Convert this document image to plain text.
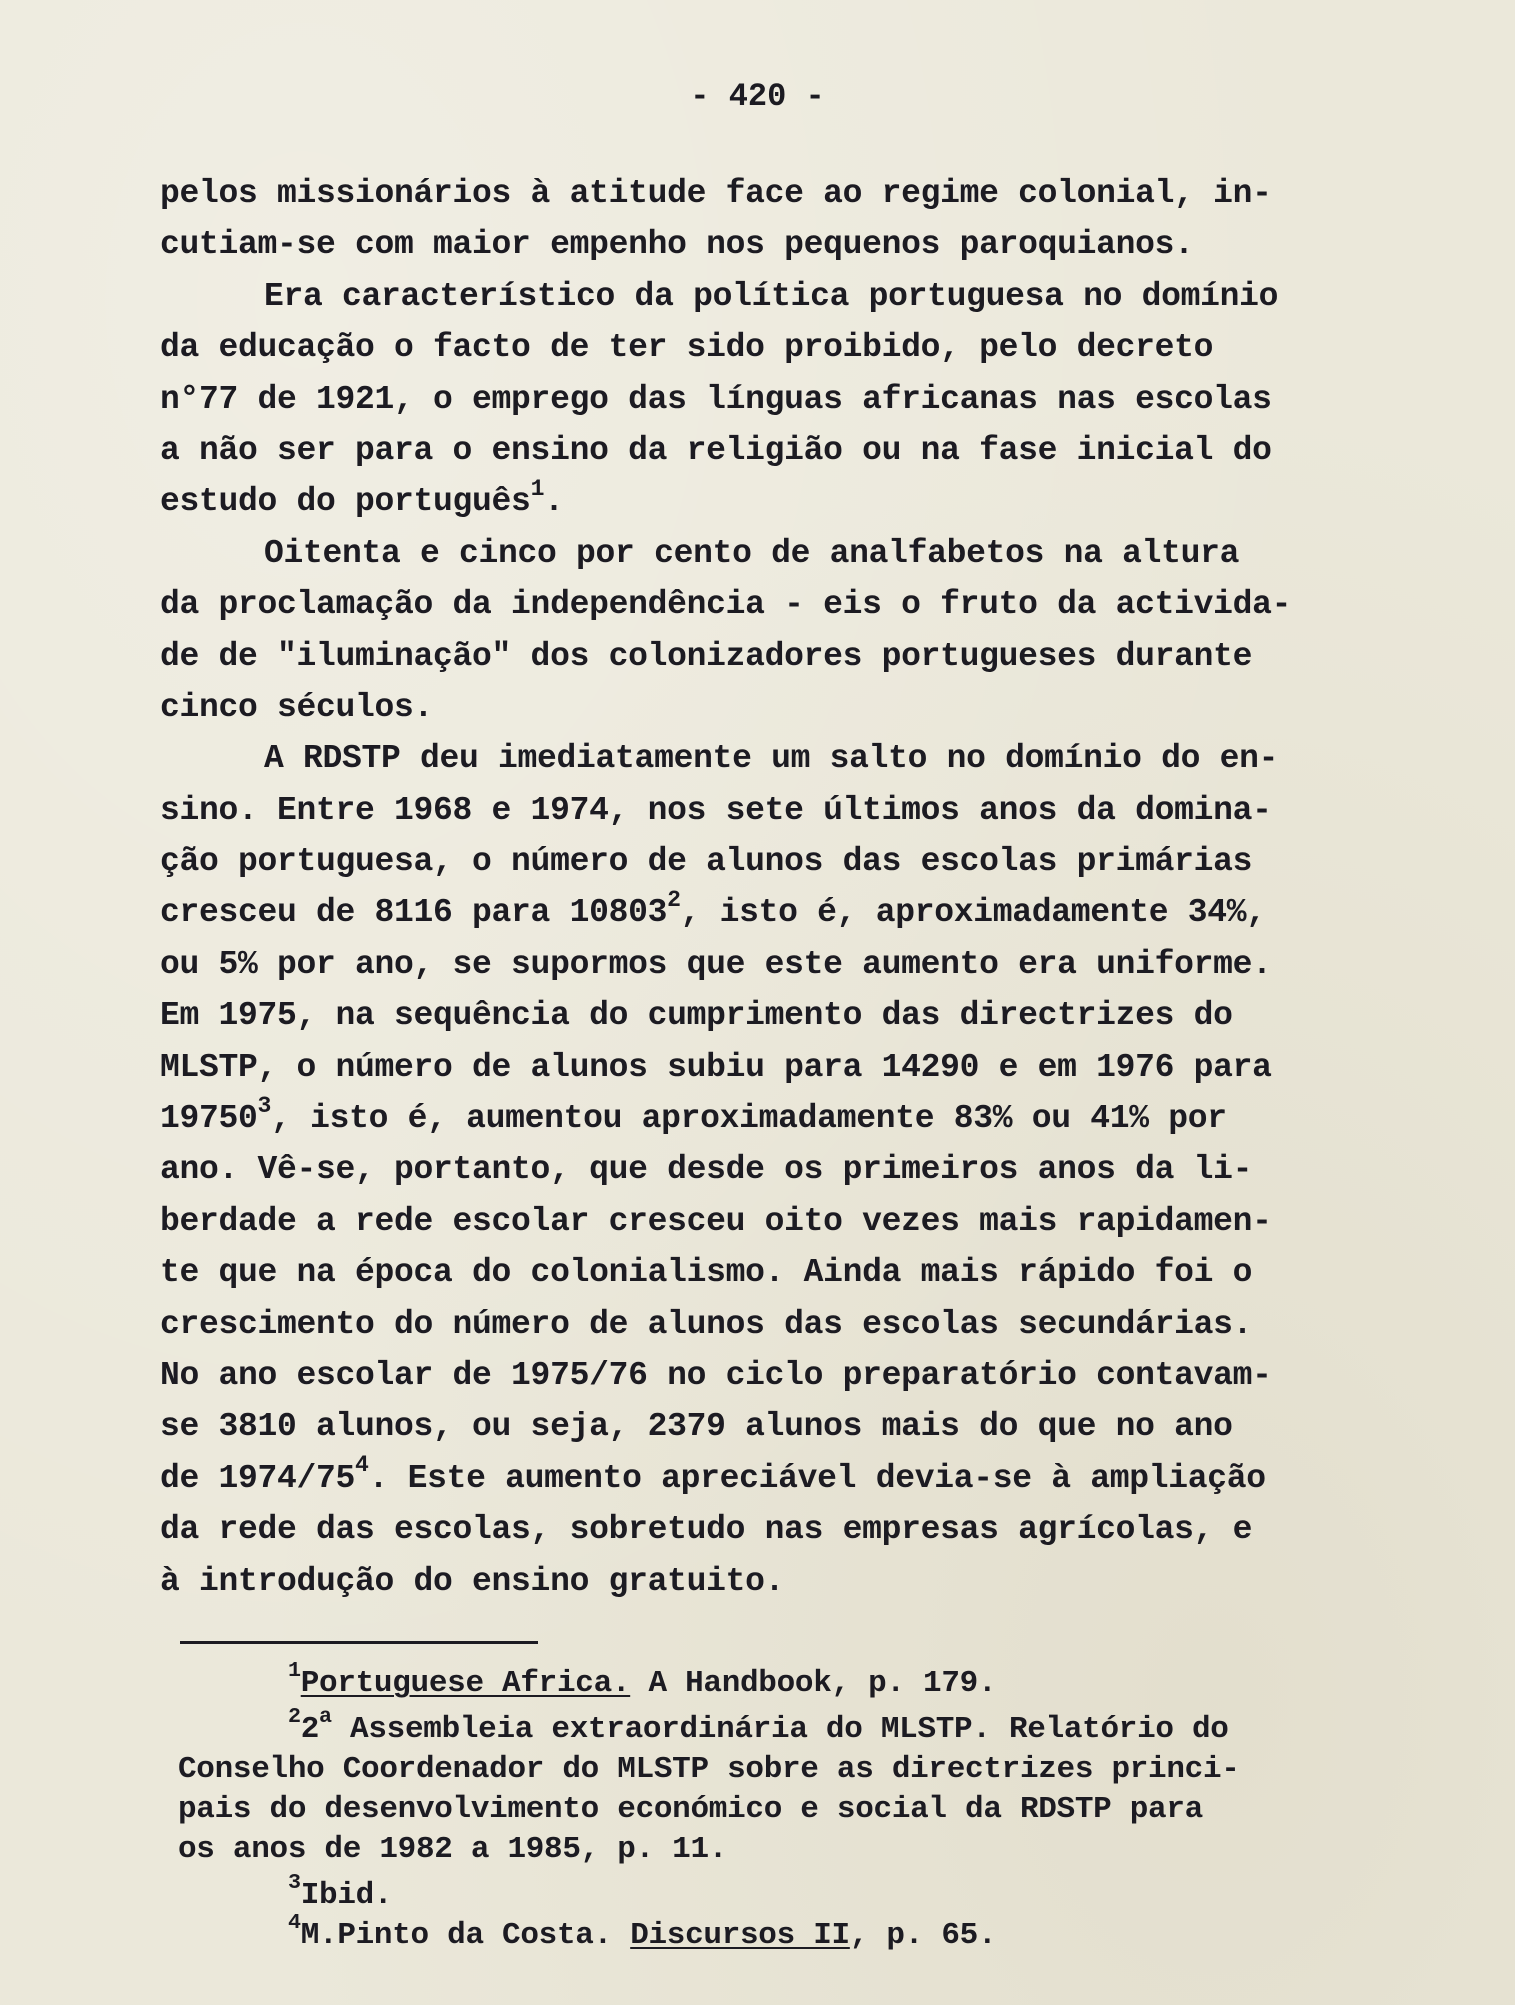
- 420 -
pelos missionários à atitude face ao regime colonial, in-
cutiam-se com maior empenho nos pequenos paroquianos.
Era característico da política portuguesa no domínio
da educação o facto de ter sido proibido, pelo decreto
n°77 de 1921, o emprego das línguas africanas nas escolas
a não ser para o ensino da religião ou na fase inicial do
estudo do português$^1$.
Oitenta e cinco por cento de analfabetos na altura
da proclamação da independência - eis o fruto da activida-
de de "iluminação" dos colonizadores portugueses durante
cinco séculos.
A RDSTP deu imediatamente um salto no domínio do en-
sino. Entre 1968 e 1974, nos sete últimos anos da domina-
ção portuguesa, o número de alunos das escolas primárias
cresceu de 8116 para 10803$^2$, isto é, aproximadamente 34%,
ou 5% por ano, se supormos que este aumento era uniforme.
Em 1975, na sequência do cumprimento das directrizes do
MLSTP, o número de alunos subiu para 14290 e em 1976 para
19750$^3$, isto é, aumentou aproximadamente 83% ou 41% por
ano. Vê-se, portanto, que desde os primeiros anos da li-
berdade a rede escolar cresceu oito vezes mais rapidamen-
te que na época do colonialismo. Ainda mais rápido foi o
crescimento do número de alunos das escolas secundárias.
No ano escolar de 1975/76 no ciclo preparatório contavam-
se 3810 alunos, ou seja, 2379 alunos mais do que no ano
de $1974/75^4$. Este aumento apreciável devia-se à ampliação
da rede das escolas, sobretudo nas empresas agrícolas, e
à introdução do ensino gratuito.
$^1$Portuguese Africa. A Handbook, p. 179.
$^2$2$^a$ Assembleia extraordinária do MLSTP. Relatório do
Conselho Coordenador do MLSTP sobre as directrizes princi-
pais do desenvolvimento económico e social da RDSTP para
os anos de 1982 a 1985, p. 11.
$^3$Ibid.
$^4$M.Pinto da Costa. Discursos II, p. 65.
